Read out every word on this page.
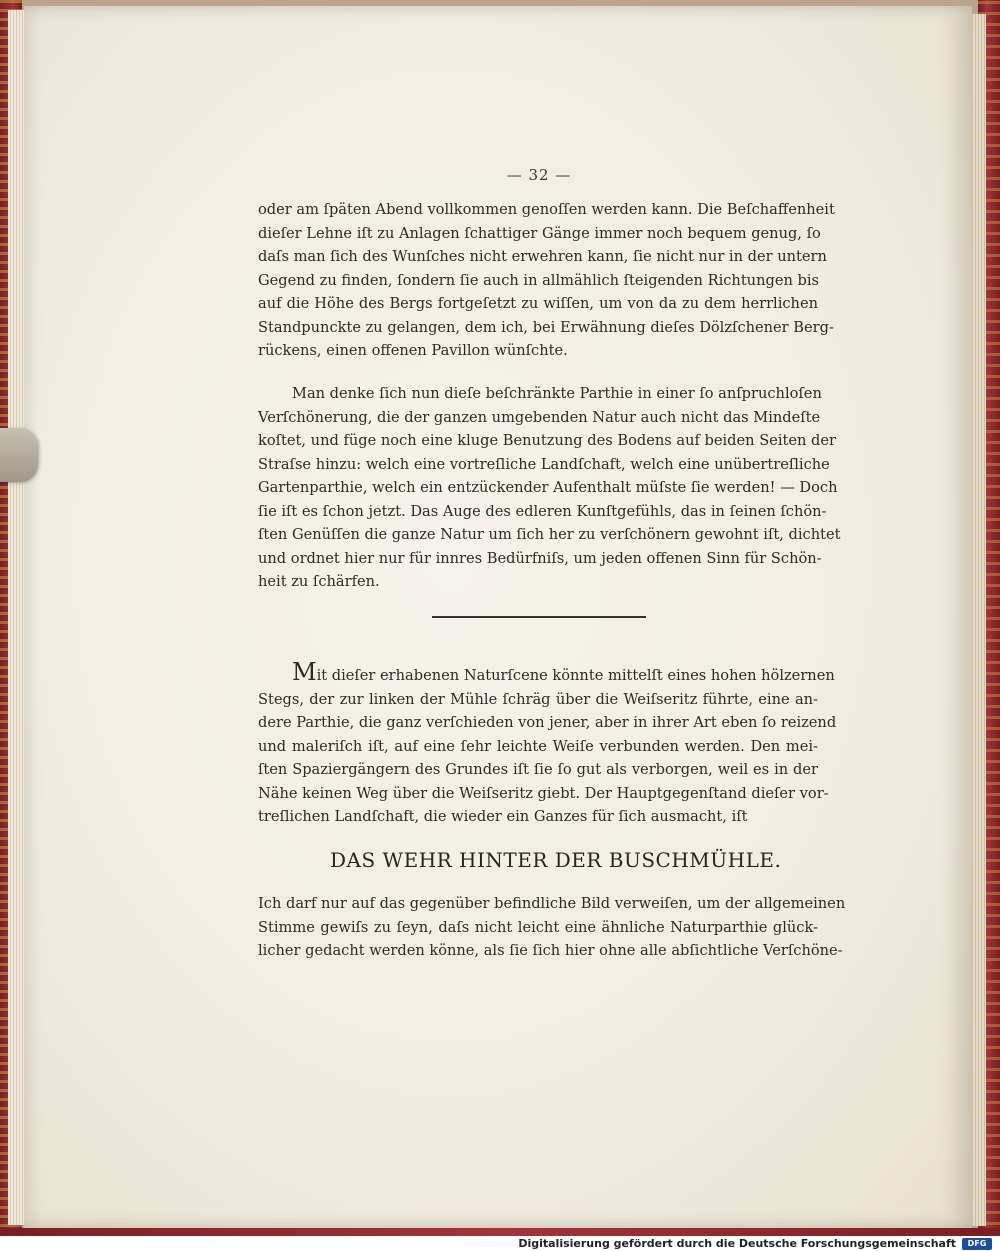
— 32 —
oder am ſpäten Abend vollkommen genoſſen werden kann. Die Beſchaffenheit
dieſer Lehne iſt zu Anlagen ſchattiger Gänge immer noch bequem genug, ſo
daſs man ſich des Wunſches nicht erwehren kann, ſie nicht nur in der untern
Gegend zu finden, ſondern ſie auch in allmählich ſteigenden Richtungen bis
auf die Höhe des Bergs fortgeſetzt zu wiſſen, um von da zu dem herrlichen
Standpunckte zu gelangen, dem ich, bei Erwähnung dieſes Dölzſchener Berg-
rückens, einen offenen Pavillon wünſchte.
Man denke ſich nun dieſe beſchränkte Parthie in einer ſo anſpruchloſen
Verſchönerung, die der ganzen umgebenden Natur auch nicht das Mindeſte
koſtet, und füge noch eine kluge Benutzung des Bodens auf beiden Seiten der
Straſse hinzu: welch eine vortreſliche Landſchaft, welch eine unübertreſliche
Gartenparthie, welch ein entzückender Aufenthalt müſste ſie werden! — Doch
ſie iſt es ſchon jetzt. Das Auge des edleren Kunſtgefühls, das in ſeinen ſchön-
ſten Genüſſen die ganze Natur um ſich her zu verſchönern gewohnt iſt, dichtet
und ordnet hier nur für innres Bedürfniſs, um jeden offenen Sinn für Schön-
heit zu ſchärfen.
Mit dieſer erhabenen Naturſcene könnte mittelſt eines hohen hölzernen
Stegs, der zur linken der Mühle ſchräg über die Weiſseritz führte, eine an-
dere Parthie, die ganz verſchieden von jener, aber in ihrer Art eben ſo reizend
und maleriſch iſt, auf eine ſehr leichte Weiſe verbunden werden. Den mei-
ſten Spaziergängern des Grundes iſt ſie ſo gut als verborgen, weil es in der
Nähe keinen Weg über die Weiſseritz giebt. Der Hauptgegenſtand dieſer vor-
treſlichen Landſchaft, die wieder ein Ganzes für ſich ausmacht, iſt
DAS WEHR HINTER DER BUSCHMÜHLE.
Ich darf nur auf das gegenüber befindliche Bild verweiſen, um der allgemeinen
Stimme gewiſs zu ſeyn, daſs nicht leicht eine ähnliche Naturparthie glück-
licher gedacht werden könne, als ſie ſich hier ohne alle abſichtliche Verſchöne-
Digitalisierung gefördert durch die Deutsche Forschungsgemeinschaft	DFG
